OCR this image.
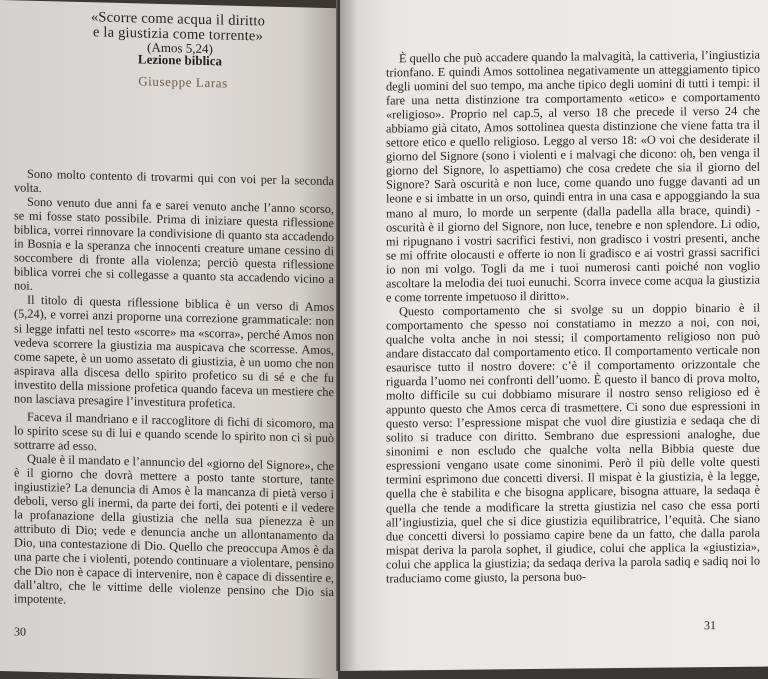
«Scorre come acqua il diritto
e la giustizia come torrente»
(Amos 5,24)
Lezione biblica
Giuseppe Laras

Sono molto contento di trovarmi qui con voi per la seconda volta.

Sono venuto due anni fa e sarei venuto anche l’anno scorso, se mi fosse stato possibile. Prima di iniziare questa riflessione biblica, vorrei rinnovare la condivisione di quanto sta accadendo in Bosnia e la speranza che innocenti creature umane cessino di soccombere di fronte alla violenza; perciò questa riflessione biblica vorrei che si collegasse a quanto sta accadendo vicino a noi.

Il titolo di questa riflessione biblica è un verso di Amos (5,24), e vorrei anzi proporne una correzione grammaticale: non si legge infatti nel testo «scorre» ma «scorra», perché Amos non vedeva scorrere la giustizia ma auspicava che scorresse. Amos, come sapete, è un uomo assetato di giustizia, è un uomo che non aspirava alla discesa dello spirito profetico su di sé e che fu investito della missione profetica quando faceva un mestiere che non lasciava presagire l’investitura profetica.

Faceva il mandriano e il raccoglitore di fichi di sicomoro, ma lo spirito scese su di lui e quando scende lo spirito non ci si può sottrarre ad esso.

Quale è il mandato e l’annuncio del «giorno del Signore», che è il giorno che dovrà mettere a posto tante storture, tante ingiustizie? La denuncia di Amos è la mancanza di pietà verso i deboli, verso gli inermi, da parte dei forti, dei potenti e il vedere la profanazione della giustizia che nella sua pienezza è un attributo di Dio; vede e denuncia anche un allontanamento da Dio, una contestazione di Dio. Quello che preoccupa Amos è da una parte che i violenti, potendo continuare a violentare, pensino che Dio non è capace di intervenire, non è capace di dissentire e, dall’altro, che le vittime delle violenze pensino che Dio sia impotente.

30

È quello che può accadere quando la malvagità, la cattiveria, l’ingiustizia trionfano. E quindi Amos sottolinea negativamente un atteggiamento tipico degli uomini del suo tempo, ma anche tipico degli uomini di tutti i tempi: il fare una netta distinzione tra comportamento «etico» e comportamento «religioso». Proprio nel cap.5, al verso 18 che precede il verso 24 che abbiamo già citato, Amos sottolinea questa distinzione che viene fatta tra il settore etico e quello religioso. Leggo al verso 18: «O voi che desiderate il giorno del Signore (sono i violenti e i malvagi che dicono: oh, ben venga il giorno del Signore, lo aspettiamo) che cosa credete che sia il giorno del Signore? Sarà oscurità e non luce, come quando uno fugge davanti ad un leone e si imbatte in un orso, quindi entra in una casa e appoggiando la sua mano al muro, lo morde un serpente (dalla padella alla brace, quindi) - oscurità è il giorno del Signore, non luce, tenebre e non splendore. Li odio, mi ripugnano i vostri sacrifici festivi, non gradisco i vostri presenti, anche se mi offrite olocausti e offerte io non li gradisco e ai vostri grassi sacrifici io non mi volgo. Togli da me i tuoi numerosi canti poiché non voglio ascoltare la melodia dei tuoi eunuchi. Scorra invece come acqua la giustizia e come torrente impetuoso il diritto».

Questo comportamento che si svolge su un doppio binario è il comportamento che spesso noi constatiamo in mezzo a noi, con noi, qualche volta anche in noi stessi; il comportamento religioso non può andare distaccato dal comportamento etico. Il comportamento verticale non esaurisce tutto il nostro dovere: c’è il comportamento orizzontale che riguarda l’uomo nei confronti dell’uomo. È questo il banco di prova molto, molto difficile su cui dobbiamo misurare il nostro senso religioso ed è appunto questo che Amos cerca di trasmettere. Ci sono due espressioni in questo verso: l’espressione mispat che vuol dire giustizia e sedaqa che di solito si traduce con diritto. Sembrano due espressioni analoghe, due sinonimi e non escludo che qualche volta nella Bibbia queste due espressioni vengano usate come sinonimi. Però il più delle volte questi termini esprimono due concetti diversi. Il mispat è la giustizia, è la legge, quella che è stabilita e che bisogna applicare, bisogna attuare, la sedaqa è quella che tende a modificare la stretta giustizia nel caso che essa porti all’ingiustizia, quel che si dice giustizia equilibratrice, l’equità. Che siano due concetti diversi lo possiamo capire bene da un fatto, che dalla parola mispat deriva la parola sophet, il giudice, colui che applica la «giustizia», colui che applica la giustizia; da sedaqa deriva la parola sadiq e sadiq noi lo traduciamo come giusto, la persona buo-

31
